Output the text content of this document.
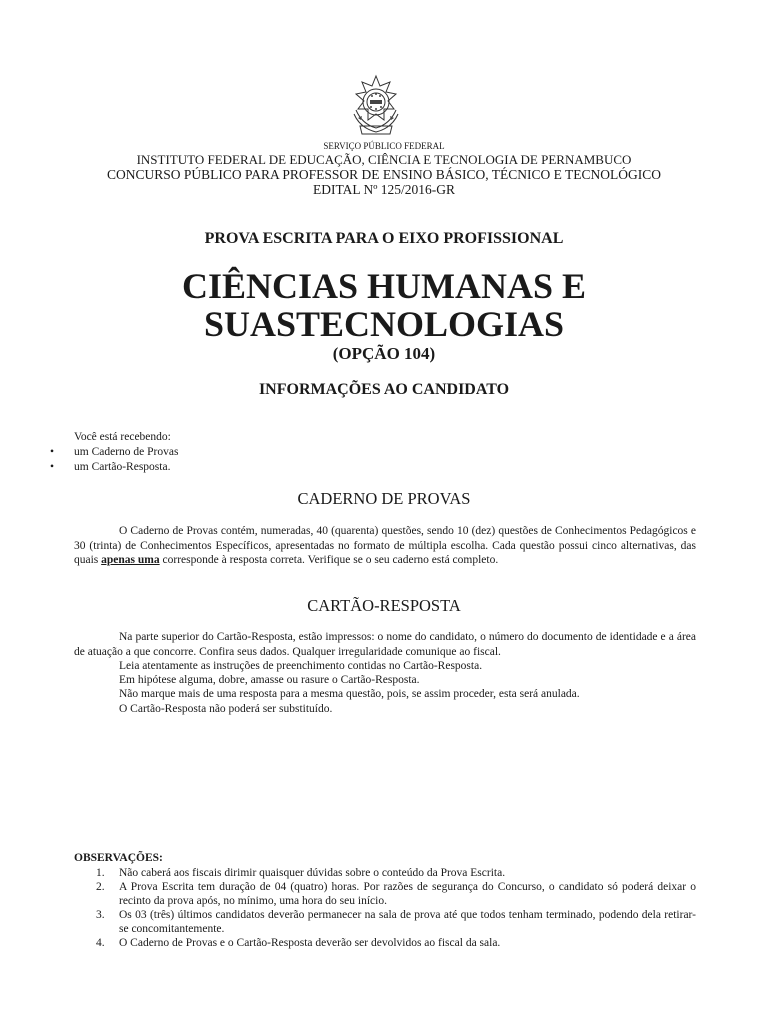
SERVIÇO PÚBLICO FEDERAL
INSTITUTO FEDERAL DE EDUCAÇÃO, CIÊNCIA E TECNOLOGIA DE PERNAMBUCO
CONCURSO PÚBLICO PARA PROFESSOR DE ENSINO BÁSICO, TÉCNICO E TECNOLÓGICO
EDITAL Nº 125/2016-GR
PROVA ESCRITA PARA O EIXO PROFISSIONAL
CIÊNCIAS HUMANAS E
SUASTECNOLOGIAS
(OPÇÃO 104)
INFORMAÇÕES AO CANDIDATO
Você está recebendo:
• um Caderno de Provas
• um Cartão-Resposta.
CADERNO DE PROVAS

O Caderno de Provas contém, numeradas, 40 (quarenta) questões, sendo 10 (dez) questões de Conhecimentos Pedagógicos e 30 (trinta) de Conhecimentos Específicos, apresentadas no formato de múltipla escolha. Cada questão possui cinco alternativas, das quais apenas uma corresponde à resposta correta. Verifique se o seu caderno está completo.

CARTÃO-RESPOSTA

Na parte superior do Cartão-Resposta, estão impressos: o nome do candidato, o número do documento de identidade e a área de atuação a que concorre. Confira seus dados. Qualquer irregularidade comunique ao fiscal.

Leia atentamente as instruções de preenchimento contidas no Cartão-Resposta.
Em hipótese alguma, dobre, amasse ou rasure o Cartão-Resposta.
Não marque mais de uma resposta para a mesma questão, pois, se assim proceder, esta será anulada.
O Cartão-Resposta não poderá ser substituído.
OBSERVAÇÕES:
1. Não caberá aos fiscais dirimir quaisquer dúvidas sobre o conteúdo da Prova Escrita.
2. A Prova Escrita tem duração de 04 (quatro) horas. Por razões de segurança do Concurso, o candidato só poderá deixar o recinto da prova após, no mínimo, uma hora do seu início.
3. Os 03 (três) últimos candidatos deverão permanecer na sala de prova até que todos tenham terminado, podendo dela retirar-se concomitantemente.
4. O Caderno de Provas e o Cartão-Resposta deverão ser devolvidos ao fiscal da sala.
